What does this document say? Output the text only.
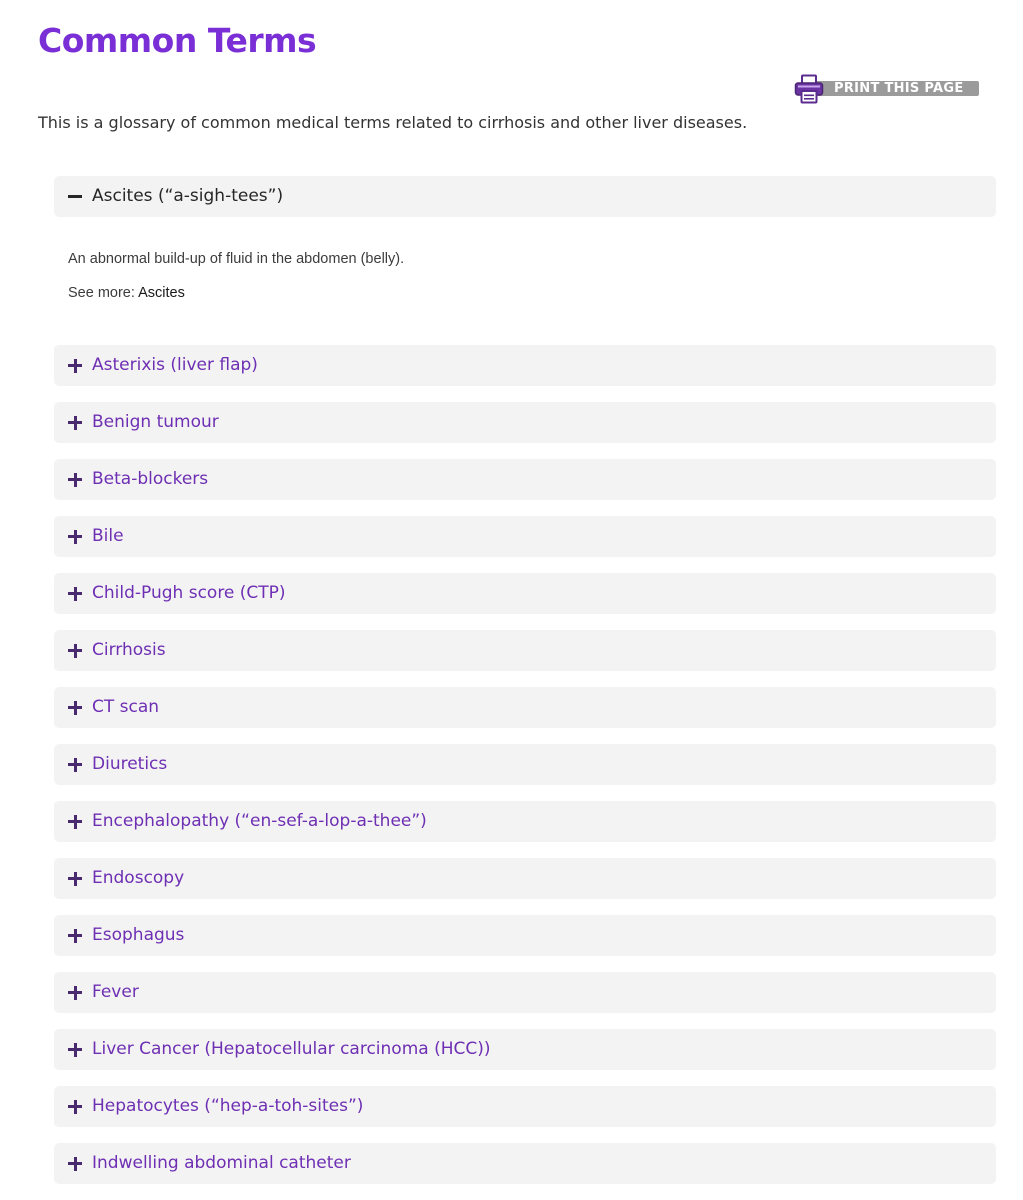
Common Terms
PRINT THIS PAGE

This is a glossary of common medical terms related to cirrhosis and other liver diseases.

Ascites (“a-sigh-tees”)

An abnormal build-up of fluid in the abdomen (belly).

See more: Ascites

Asterixis (liver flap)
Benign tumour
Beta-blockers
Bile
Child-Pugh score (CTP)
Cirrhosis
CT scan
Diuretics
Encephalopathy (“en-sef-a-lop-a-thee”)
Endoscopy
Esophagus
Fever
Liver Cancer (Hepatocellular carcinoma (HCC))
Hepatocytes (“hep-a-toh-sites”)
Indwelling abdominal catheter
